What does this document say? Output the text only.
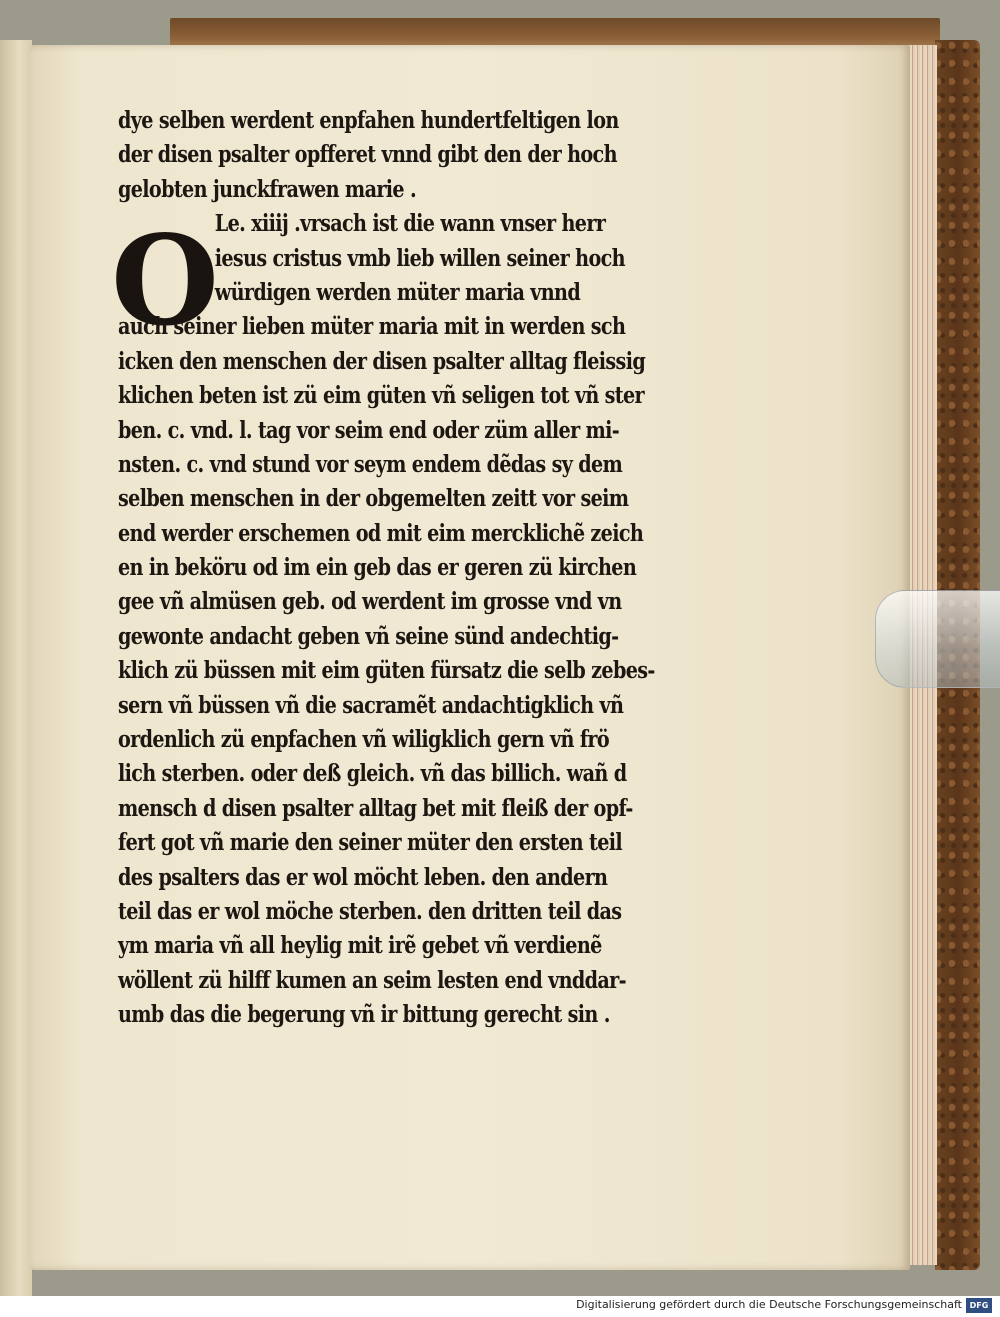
O
dye selben werdent enpfahen hundertfeltigen lon
der disen psalter opfferet vnnd gibt den der hoch
gelobten junckfrawen marie .
Le. xiiij .vrsach ist die wann vnser herr
iesus cristus vmb lieb willen seiner hoch
würdigen werden müter maria vnnd
auch seiner lieben müter maria mit in werden sch
icken den menschen der disen psalter alltag fleissig
klichen beten ist zü eim güten vñ seligen tot vñ ster
ben. c. vnd. l. tag vor seim end oder züm aller mi-
nsten. c. vnd stund vor seym endem dẽdas sy dem
selben menschen in der obgemelten zeitt vor seim
end werder erschemen od mit eim mercklichẽ zeich
en in beköru od im ein geb das er geren zü kirchen
gee vñ almüsen geb. od werdent im grosse vnd vn
gewonte andacht geben vñ seine sünd andechtig-
klich zü büssen mit eim güten fürsatz die selb zebes-
sern vñ büssen vñ die sacramẽt andachtigklich vñ
ordenlich zü enpfachen vñ wiligklich gern vñ frö
lich sterben. oder deß gleich. vñ das billich. wañ d
mensch d disen psalter alltag bet mit fleiß der opf-
fert got vñ marie den seiner müter den ersten teil
des psalters das er wol möcht leben. den andern
teil das er wol möche sterben. den dritten teil das
ym maria vñ all heylig mit irẽ gebet vñ verdienẽ
wöllent zü hilff kumen an seim lesten end vnddar-
umb das die begerung vñ ir bittung gerecht sin .
Digitalisierung gefördert durch die Deutsche Forschungsgemeinschaft DFG
